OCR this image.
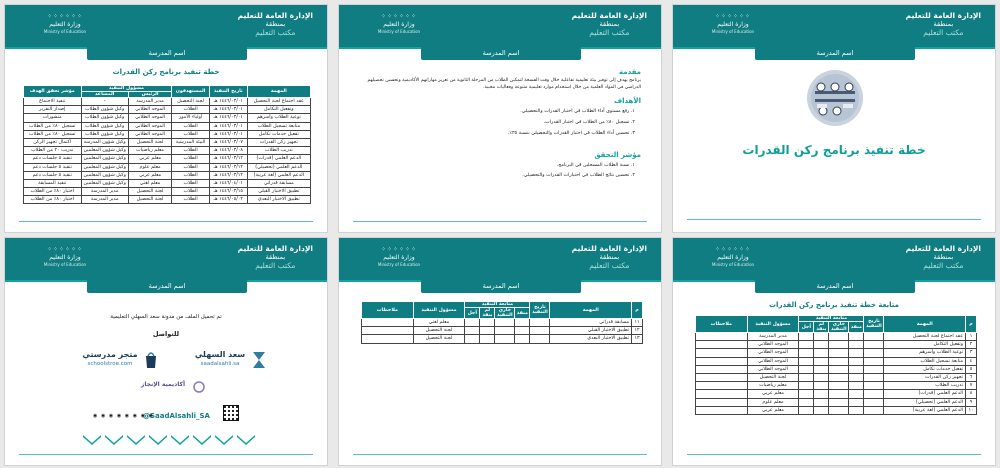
الإدارة العامة للتعليم
بمنطقة
مكتب التعليم
⁘⁘⁘⁘⁘⁘
وزارة التعليم
Ministry of Education
اسم المدرسة
خطة تنفيذ برنامج ركن القدرات
الإدارة العامة للتعليم
بمنطقة
مكتب التعليم
⁘⁘⁘⁘⁘⁘
وزارة التعليم
Ministry of Education
اسم المدرسة
مقدمة
برنامج يهدف إلى توفير بيئة تعليمية تفاعلية خلال وقت الفسحة لتمكين الطلاب من المرحلة الثانوية من تعزيز مهاراتهم الأكاديمية وتحسين تحصيلهم الدراسي في المواد العلمية من خلال استخدام موارد تعليمية متنوعة وفعاليات محببة.
الأهداف
١. رفع مستوى أداء الطلاب في اختبار القدرات والتحصيلي.
٢. تسجيل ٨٠٪ من الطلاب في اختبار القدرات.
٣. تحسين أداء الطلاب في اختبار القدرات والتحصيلي بنسبة ٣٥٪.
مؤشر التحقق
١. نسبة الطلاب المسجلين في البرنامج.
٢. تحسين نتائج الطلاب في اختبارات القدرات والتحصيلي.
الإدارة العامة للتعليم
بمنطقة
مكتب التعليم
⁘⁘⁘⁘⁘⁘
وزارة التعليم
Ministry of Education
اسم المدرسة
خطة تنفيذ برنامج ركن القدرات
المهمة	تاريخ التنفيذ	المستهدفون	مسؤول التنفيذ		مؤشر تحقق الهدف
			الرئيس	المساعد	
عقد اجتماع لجنة التحصيل	١٤٤٦/٠٣/٠١ هـ	لجنة التحصيل	مدير المدرسة	-	تنفيذ الاجتماع
وتفعيل التكامل	١٤٤٦/٠٣/٠١ هـ	الطلاب	الموجه الطلابي	وكيل شؤون الطلاب	إصدار التقرير
توعية الطلاب وأسرهم	١٤٤٦/٠٣/٠١ هـ	أولياء الأمور	الموجه الطلابي	وكيل شؤون الطلاب	منشورات
متابعة تسجيل الطلاب	١٤٤٦/٠٣/٠١ هـ	الطلاب	الموجه الطلابي	وكيل شؤون الطلاب	تسجيل ٨٠٪ من الطلاب
تفعيل خدمات تكامل	١٤٤٦/٠٣/٠١ هـ	الطلاب	الموجه الطلابي	وكيل شؤون الطلاب	تسجيل ٨٠٪ من الطلاب
تجهيز ركن القدرات	١٤٤٦/٠٣/٠٧ هـ	البيئة المدرسية	لجنة التحصيل	وكيل شؤون المدرسة	اكتمال تجهيز الركن
تدريب الطلاب	١٤٤٦/٠٣/٠٨ هـ	الطلاب	معلم رياضيات	وكيل شؤون المعلمين	تدريب ٢٠ من الطلاب
الدعم العلمي (قدرات)	١٤٤٦/٠٣/١٢ هـ	الطلاب	معلم عربي	وكيل شؤون المعلمين	تنفيذ ٥ جلسات دعم
الدعم العلمي (تحصيلي)	١٤٤٦/٠٣/١٢ هـ	الطلاب	معلم علوم	وكيل شؤون المعلمين	تنفيذ ٥ جلسات دعم
الدعم العلمي (لغة عربية)	١٤٤٦/٠٣/١٢ هـ	الطلاب	معلم عربي	وكيل شؤون المعلمين	تنفيذ ٥ جلسات دعم
مسابقة قدراتي	١٤٤٦/٠٤/٠١ هـ	الطلاب	معلم لغتي	وكيل شؤون المعلمين	تنفيذ المسابقة
تطبيق الاختبار القبلي	١٤٤٦/٠٣/١٥ هـ	الطلاب	لجنة التحصيل	مدير المدرسة	اختبار ٨٠٪ من الطلاب
تطبيق الاختبار البعدي	١٤٤٦/٠٥/٠٢ هـ	الطلاب	لجنة التحصيل	مدير المدرسة	اختبار ٨٠٪ من الطلاب
الإدارة العامة للتعليم
بمنطقة
مكتب التعليم
⁘⁘⁘⁘⁘⁘
وزارة التعليم
Ministry of Education
اسم المدرسة
متابعة خطة تنفيذ برنامج ركن القدرات
م	المهمة	تاريخ التنفيذ	متابعة التنفيذ				مسؤول التنفيذ	ملاحظات
			منفذ	جاري التنفيذ	لم ينفذ	أجل		
١	عقد اجتماع لجنة التحصيل						مدير المدرسة	
٢	وتفعيل التكامل						الموجه الطلابي	
٣	توعية الطلاب وأسرهم						الموجه الطلابي	
٤	متابعة تسجيل الطلاب						الموجه الطلابي	
٥	تفعيل خدمات تكامل						الموجه الطلابي	
٦	تجهيز ركن القدرات						لجنة التحصيل	
٧	تدريب الطلاب						معلم رياضيات	
٨	الدعم العلمي (قدرات)						معلم عربي	
٩	الدعم العلمي (تحصيلي)						معلم علوم	
١٠	الدعم العلمي (لغة عربية)						معلم عربي	
الإدارة العامة للتعليم
بمنطقة
مكتب التعليم
⁘⁘⁘⁘⁘⁘
وزارة التعليم
Ministry of Education
اسم المدرسة
م	المهمة	تاريخ التنفيذ	متابعة التنفيذ				مسؤول التنفيذ	ملاحظات
			منفذ	جاري التنفيذ	لم ينفذ	أجل		
١١	مسابقة قدراتي						معلم لغتي	
١٢	تطبيق الاختبار القبلي						لجنة التحصيل	
١٣	تطبيق الاختبار البعدي						لجنة التحصيل	
الإدارة العامة للتعليم
بمنطقة
مكتب التعليم
⁘⁘⁘⁘⁘⁘
وزارة التعليم
Ministry of Education
اسم المدرسة
تم تحميل الملف من مدونة سعد السهلي التعليمية
للتواصل
سعد السهلي
saadalsahli.sa
متجر مدرستي
schoolstroe.com
أكاديمية الإنجاز
@SaadAlsahli_SA
◉ ◉ ◉ ◉ ◉ ◉ ◉ ◉
